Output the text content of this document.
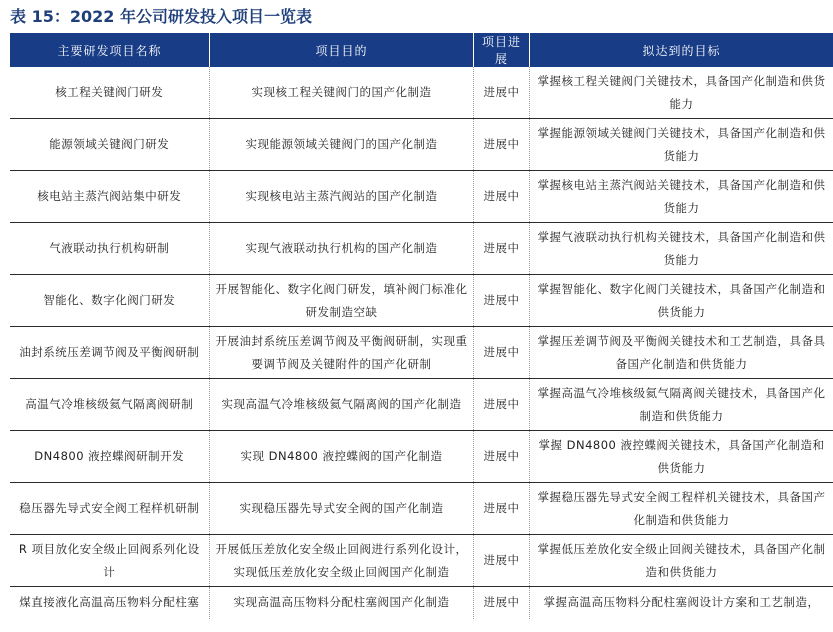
表 15：2022 年公司研发投入项目一览表
主要研发项目名称	项目目的	项目进展	拟达到的目标
核工程关键阀门研发	实现核工程关键阀门的国产化制造	进展中	掌握核工程关键阀门关键技术，具备国产化制造和供货能力
能源领域关键阀门研发	实现能源领域关键阀门的国产化制造	进展中	掌握能源领域关键阀门关键技术，具备国产化制造和供货能力
核电站主蒸汽阀站集中研发	实现核电站主蒸汽阀站的国产化制造	进展中	掌握核电站主蒸汽阀站关键技术，具备国产化制造和供货能力
气液联动执行机构研制	实现气液联动执行机构的国产化制造	进展中	掌握气液联动执行机构关键技术，具备国产化制造和供货能力
智能化、数字化阀门研发	开展智能化、数字化阀门研发，填补阀门标准化研发制造空缺	进展中	掌握智能化、数字化阀门关键技术，具备国产化制造和供货能力
油封系统压差调节阀及平衡阀研制	开展油封系统压差调节阀及平衡阀研制，实现重要调节阀及关键附件的国产化研制	进展中	掌握压差调节阀及平衡阀关键技术和工艺制造，具备具备国产化制造和供货能力
高温气冷堆核级氦气隔离阀研制	实现高温气冷堆核级氦气隔离阀的国产化制造	进展中	掌握高温气冷堆核级氦气隔离阀关键技术，具备国产化制造和供货能力
DN4800 液控蝶阀研制开发	实现 DN4800 液控蝶阀的国产化制造	进展中	掌握 DN4800 液控蝶阀关键技术，具备国产化制造和供货能力
稳压器先导式安全阀工程样机研制	实现稳压器先导式安全阀的国产化制造	进展中	掌握稳压器先导式安全阀工程样机关键技术，具备国产化制造和供货能力
R 项目放化安全级止回阀系列化设计	开展低压差放化安全级止回阀进行系列化设计，实现低压差放化安全级止回阀国产化制造	进展中	掌握低压差放化安全级止回阀关键技术，具备国产化制造和供货能力
煤直接液化高温高压物料分配柱塞	实现高温高压物料分配柱塞阀国产化制造	进展中	掌握高温高压物料分配柱塞阀设计方案和工艺制造，
